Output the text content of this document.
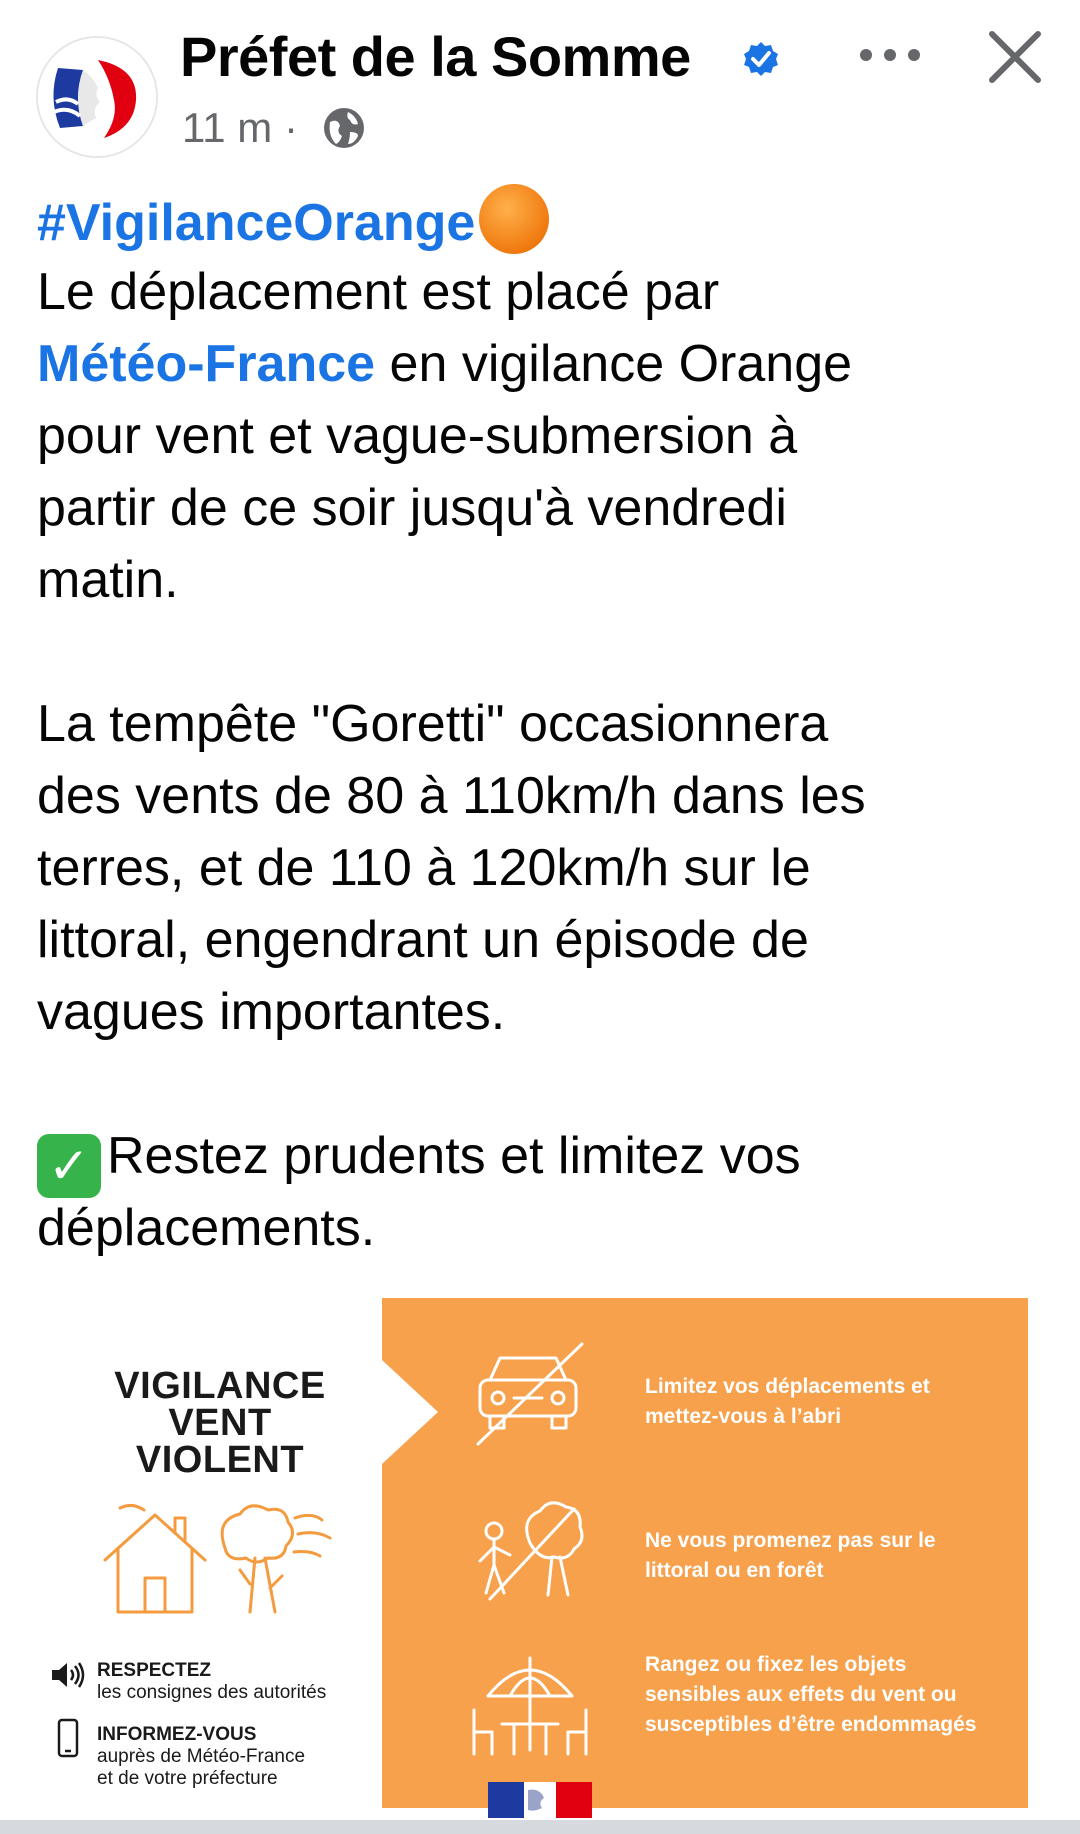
Préfet de la Somme
11 m ·
#VigilanceOrange
Le déplacement est placé par
Météo-France en vigilance Orange
pour vent et vague-submersion à
partir de ce soir jusqu'à vendredi
matin.
La tempête "Goretti" occasionnera
des vents de 80 à 110km/h dans les
terres, et de 110 à 120km/h sur le
littoral, engendrant un épisode de
vagues importantes.
✓ Restez prudents et limitez vos
déplacements.
VIGILANCE
VENT
VIOLENT
RESPECTEZ
les consignes des autorités
INFORMEZ-VOUS
auprès de Météo-France
et de votre préfecture
Limitez vos déplacements et
mettez-vous à l’abri
Ne vous promenez pas sur le
littoral ou en forêt
Rangez ou fixez les objets
sensibles aux effets du vent ou
susceptibles d’être endommagés
